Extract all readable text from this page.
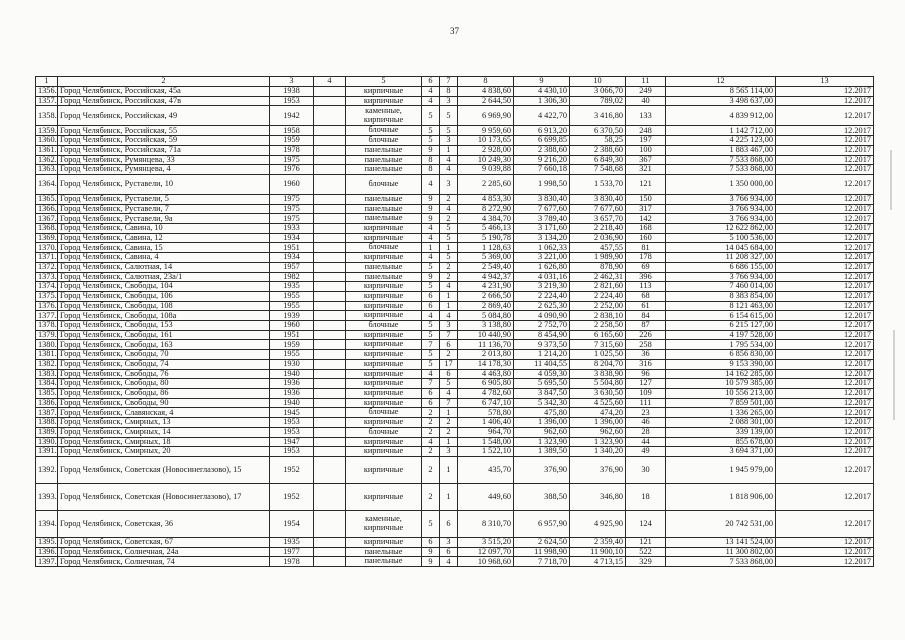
37
1	2	3	4	5	6	7	8	9	10	11	12	13
1356.	Город Челябинск, Российская, 45а	1938		кирпичные	4	8	4 838,60	4 430,10	3 066,70	249	8 565 114,00	12.2017
1357.	Город Челябинск, Российская, 47в	1953		кирпичные	4	3	2 644,50	1 306,30	789,02	40	3 498 637,00	12.2017
1358.	Город Челябинск, Российская, 49	1942		каменные, кирпичные	5	5	6 969,90	4 422,70	3 416,80	133	4 839 912,00	12.2017
1359.	Город Челябинск, Российская, 55	1958		блочные	5	5	9 959,60	6 913,20	6 370,50	248	1 142 712,00	12.2017
1360.	Город Челябинск, Российская, 59	1959		блочные	5	3	10 173,65	6 699,85	58,25	197	4 225 123,00	12.2017
1361.	Город Челябинск, Российская, 71а	1978		панельные	9	1	2 928,00	2 388,60	2 388,60	100	1 883 467,00	12.2017
1362.	Город Челябинск, Румянцева, 33	1975		панельные	8	4	10 249,30	9 216,20	6 849,30	367	7 533 868,00	12.2017
1363.	Город Челябинск, Румянцева, 4	1976		панельные	8	4	9 039,88	7 660,18	7 548,68	321	7 533 868,00	12.2017
1364.	Город Челябинск, Руставели, 10	1960		блочные	4	3	2 285,60	1 998,50	1 533,70	121	1 350 000,00	12.2017
1365.	Город Челябинск, Руставели, 5	1975		панельные	9	2	4 853,30	3 830,40	3 830,40	150	3 766 934,00	12.2017
1366.	Город Челябинск, Руставели, 7	1975		панельные	9	4	8 272,90	7 677,60	7 677,60	317	3 766 934,00	12.2017
1367.	Город Челябинск, Руставели, 9а	1975		панельные	9	2	4 384,70	3 789,40	3 657,70	142	3 766 934,00	12.2017
1368.	Город Челябинск, Савина, 10	1933		кирпичные	4	5	5 466,13	3 171,60	2 218,40	168	12 622 862,00	12.2017
1369.	Город Челябинск, Савина, 12	1934		кирпичные	4	5	5 190,78	3 134,20	2 036,90	160	5 100 536,00	12.2017
1370.	Город Челябинск, Савина, 15	1951		блочные	1	1	1 128,63	1 062,33	457,55	81	14 045 684,00	12.2017
1371.	Город Челябинск, Савина, 4	1934		кирпичные	4	5	5 369,00	3 221,00	1 989,90	178	11 208 327,00	12.2017
1372.	Город Челябинск, Салютная, 14	1957		панельные	5	2	2 549,40	1 626,80	878,90	69	6 686 155,00	12.2017
1373.	Город Челябинск, Салютная, 23а/1	1982		панельные	9	2	4 942,37	4 031,16	2 462,31	396	3 766 934,00	12.2017
1374.	Город Челябинск, Свободы, 104	1935		кирпичные	5	4	4 231,90	3 219,30	2 821,60	113	7 460 014,00	12.2017
1375.	Город Челябинск, Свободы, 106	1955		кирпичные	6	1	2 666,50	2 224,40	2 224,40	68	8 383 854,00	12.2017
1376.	Город Челябинск, Свободы, 108	1955		кирпичные	6	1	2 869,40	2 625,30	2 252,00	61	8 121 463,00	12.2017
1377.	Город Челябинск, Свободы, 108а	1939		кирпичные	4	4	5 084,80	4 090,90	2 838,10	84	6 154 615,00	12.2017
1378.	Город Челябинск, Свободы, 153	1960		блочные	5	3	3 138,80	2 752,70	2 258,50	87	6 215 127,00	12.2017
1379.	Город Челябинск, Свободы, 161	1951		кирпичные	5	7	10 440,90	8 454,90	6 165,60	226	4 197 528,00	12.2017
1380.	Город Челябинск, Свободы, 163	1959		кирпичные	7	6	11 136,70	9 373,50	7 315,60	258	1 795 534,00	12.2017
1381.	Город Челябинск, Свободы, 70	1955		кирпичные	5	2	2 013,80	1 214,20	1 025,50	36	6 856 830,00	12.2017
1382.	Город Челябинск, Свободы, 74	1930		кирпичные	5	17	14 178,30	11 404,55	8 204,70	316	9 153 390,00	12.2017
1383.	Город Челябинск, Свободы, 76	1940		кирпичные	4	6	4 463,80	4 059,30	3 838,90	96	14 162 285,00	12.2017
1384.	Город Челябинск, Свободы, 80	1936		кирпичные	7	5	6 905,80	5 695,50	5 504,80	127	10 579 385,00	12.2017
1385.	Город Челябинск, Свободы, 86	1936		кирпичные	6	4	4 782,60	3 847,50	3 630,50	109	10 556 213,00	12.2017
1386.	Город Челябинск, Свободы, 90	1940		кирпичные	6	7	6 747,10	5 342,30	4 525,60	111	7 859 501,00	12.2017
1387.	Город Челябинск, Славянская, 4	1945		блочные	2	1	578,80	475,80	474,20	23	1 336 265,00	12.2017
1388.	Город Челябинск, Смирных, 13	1953		кирпичные	2	2	1 406,40	1 396,00	1 396,00	46	2 088 301,00	12.2017
1389.	Город Челябинск, Смирных, 14	1953		блочные	2	2	964,70	962,60	962,60	28	339 139,00	12.2017
1390.	Город Челябинск, Смирных, 18	1947		кирпичные	4	1	1 548,00	1 323,90	1 323,90	44	855 678,00	12.2017
1391.	Город Челябинск, Смирных, 20	1953		кирпичные	2	3	1 522,10	1 389,50	1 340,20	49	3 694 371,00	12.2017
1392.	Город Челябинск, Советская (Новосинеглазово), 15	1952		кирпичные	2	1	435,70	376,90	376,90	30	1 945 979,00	12.2017
1393.	Город Челябинск, Советская (Новосинеглазово), 17	1952		кирпичные	2	1	449,60	388,50	346,80	18	1 818 906,00	12.2017
1394.	Город Челябинск, Советская, 36	1954		каменные, кирпичные	5	6	8 310,70	6 957,90	4 925,90	124	20 742 531,00	12.2017
1395.	Город Челябинск, Советская, 67	1935		кирпичные	6	3	3 515,20	2 624,50	2 359,40	121	13 141 524,00	12.2017
1396.	Город Челябинск, Солнечная, 24а	1977		панельные	9	6	12 097,70	11 998,90	11 900,10	522	11 300 802,00	12.2017
1397.	Город Челябинск, Солнечная, 74	1978		панельные	9	4	10 968,60	7 718,70	4 713,15	329	7 533 868,00	12.2017
